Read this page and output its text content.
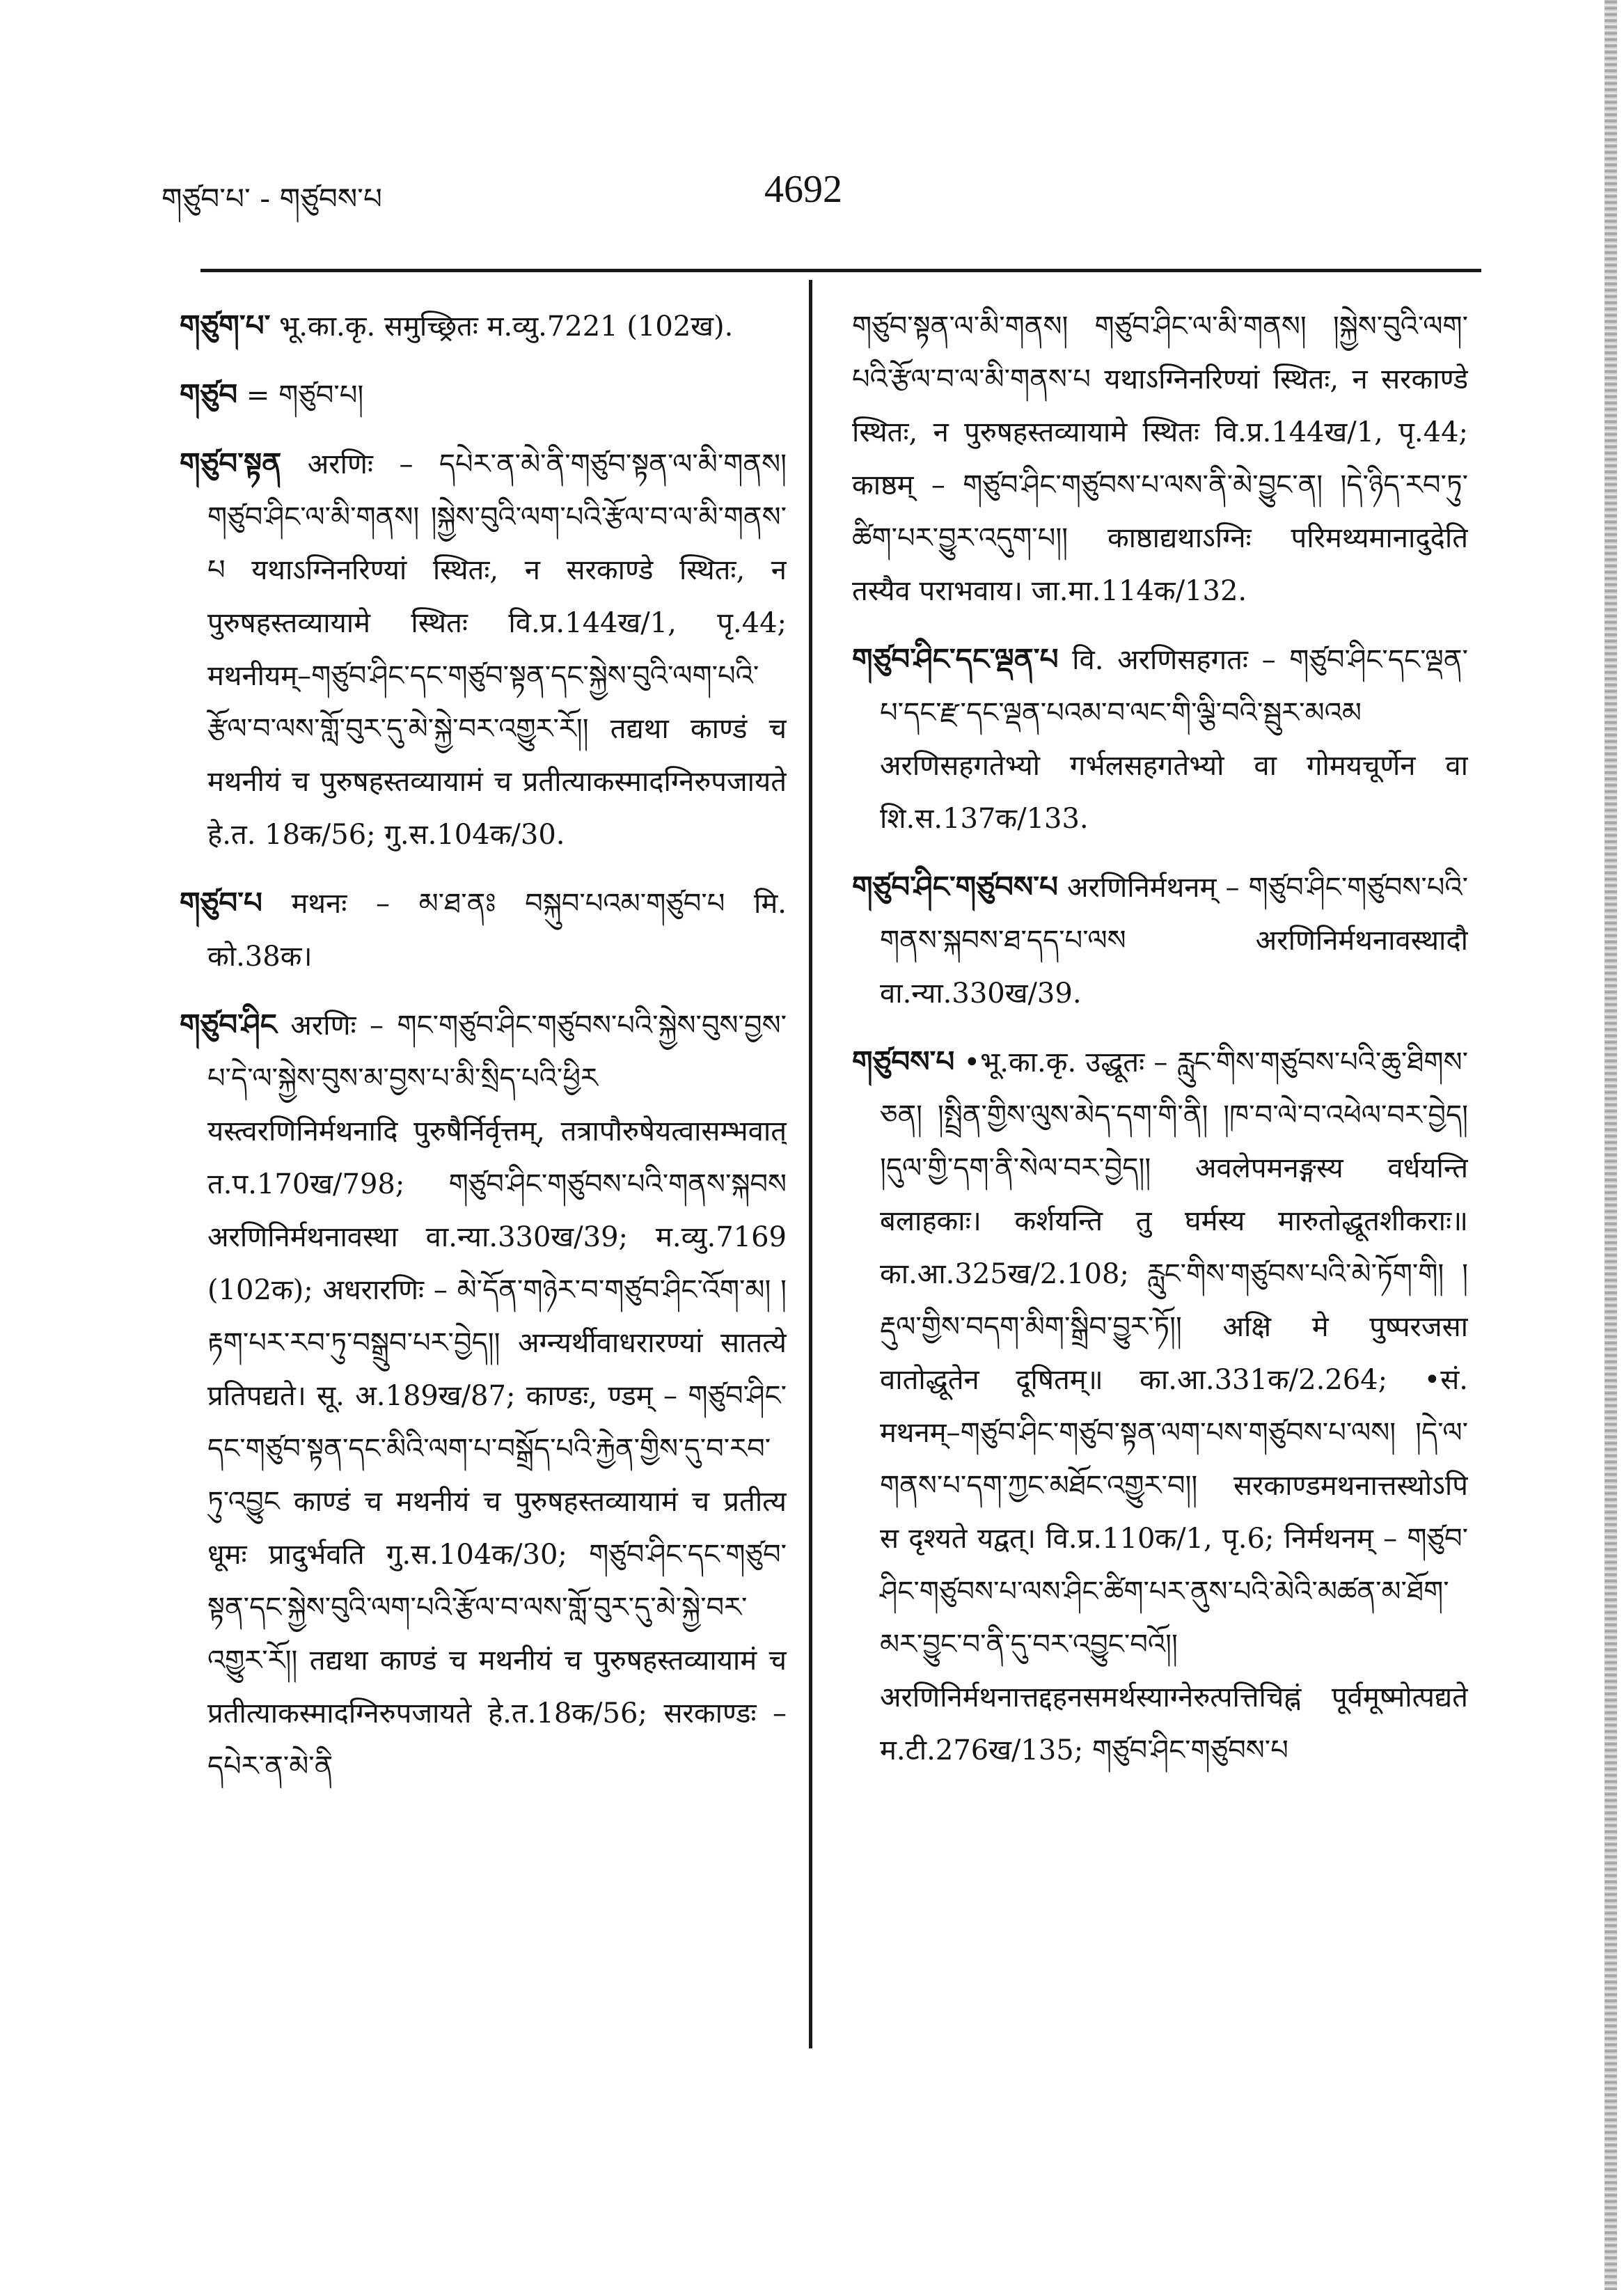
གཙུབ་པ་ - གཙུབས་པ	4692

གཙུག་པ་ भू.का.कृ. समुच्छ्रितः म.व्यु.7221 (102ख).

གཙུབ = གཙུབ་པ།

གཙུབ་སྟན अरणिः – དཔེར་ན་མེ་ནི་གཙུབ་སྟན་ལ་མི་གནས། གཙུབ་ཤིང་ལ་མི་གནས། །སྐྱེས་བུའི་ལག་པའི་རྩོལ་བ་ལ་མི་གནས་པ यथाऽग्निनरिण्यां स्थितः, न सरकाण्डे स्थितः, न पुरुषहस्तव्यायामे स्थितः वि.प्र.144ख/1, पृ.44; मथनीयम्–གཙུབ་ཤིང་དང་གཙུབ་སྟན་དང་སྐྱེས་བུའི་ལག་པའི་རྩོལ་བ་ལས་གློ་བུར་དུ་མེ་སྐྱེ་བར་འགྱུར་རོ།། तद्यथा काण्डं च मथनीयं च पुरुषहस्तव्यायामं च प्रतीत्याकस्मादग्निरुपजायते हे.त. 18क/56; गु.स.104क/30.

གཙུབ་པ मथनः – མ་ཐ་ནཿ བསྐུབ་པའམ་གཙུབ་པ मि. को.38क।

གཙུབ་ཤིང अरणिः – གང་གཙུབ་ཤིང་གཙུབས་པའི་སྐྱེས་བུས་བྱས་པ་དེ་ལ་སྐྱེས་བུས་མ་བྱས་པ་མི་སྲིད་པའི་ཕྱིར यस्त्वरणिनिर्मथनादि पुरुषैर्निर्वृत्तम्, तत्रापौरुषेयत्वासम्भवात् त.प.170ख/798; གཙུབ་ཤིང་གཙུབས་པའི་གནས་སྐབས अरणिनिर्मथनावस्था वा.न्या.330ख/39; म.व्यु.7169 (102क); अधरारणिः – མེ་དོན་གཉེར་བ་གཙུབ་ཤིང་འོག་མ། །རྟག་པར་རབ་ཏུ་བསྒྲུབ་པར་བྱེད།། अग्न्यर्थीवाधरारण्यां सातत्ये प्रतिपद्यते। सू. अ.189ख/87; काण्डः, ण्डम् – གཙུབ་ཤིང་དང་གཙུབ་སྟན་དང་མིའི་ལག་པ་བསྒྲོད་པའི་རྐྱེན་གྱིས་དུ་བ་རབ་ཏུ་འབྱུང काण्डं च मथनीयं च पुरुषहस्तव्यायामं च प्रतीत्य धूमः प्रादुर्भवति गु.स.104क/30; གཙུབ་ཤིང་དང་གཙུབ་སྟན་དང་སྐྱེས་བུའི་ལག་པའི་རྩོལ་བ་ལས་གློ་བུར་དུ་མེ་སྐྱེ་བར་འགྱུར་རོ།། तद्यथा काण्डं च मथनीयं च पुरुषहस्तव्यायामं च प्रतीत्याकस्मादग्निरुपजायते हे.त.18क/56; सरकाण्डः – དཔེར་ན་མེ་ནི

གཙུབ་སྟན་ལ་མི་གནས། གཙུབ་ཤིང་ལ་མི་གནས། །སྐྱེས་བུའི་ལག་པའི་རྩོལ་བ་ལ་མི་གནས་པ यथाऽग्निनरिण्यां स्थितः, न सरकाण्डे स्थितः, न पुरुषहस्तव्यायामे स्थितः वि.प्र.144ख/1, पृ.44; काष्ठम् – གཙུབ་ཤིང་གཙུབས་པ་ལས་ནི་མེ་བྱུང་ན། །དེ་ཉིད་རབ་ཏུ་ཚིག་པར་བྱུར་འདུག་པ།། काष्ठाद्यथाऽग्निः परिमथ्यमानादुदेति तस्यैव पराभवाय। जा.मा.114क/132.

གཙུབ་ཤིང་དང་ལྡན་པ वि. अरणिसहगतः – གཙུབ་ཤིང་དང་ལྡན་པ་དང་རྫ་དང་ལྡན་པའམ་བ་ལང་གི་ལྕི་བའི་སྦུར་མའམ अरणिसहगतेभ्यो गर्भलसहगतेभ्यो वा गोमयचूर्णेन वा शि.स.137क/133.

གཙུབ་ཤིང་གཙུབས་པ अरणिनिर्मथनम् – གཙུབ་ཤིང་གཙུབས་པའི་གནས་སྐབས་ཐ་དད་པ་ལས अरणिनिर्मथनावस्थादौ वा.न्या.330ख/39.

གཙུབས་པ •भू.का.कृ. उद्धूतः – རླུང་གིས་གཙུབས་པའི་ཆུ་ཐིགས་ཅན། །སྤྲིན་གྱིས་ལུས་མེད་དག་གི་ནི། །ཁ་བ་ལེ་བ་འཕེལ་བར་བྱེད། །དུལ་གྱི་དག་ནི་སེལ་བར་བྱེད།། अवलेपमनङ्गस्य वर्धयन्ति बलाहकाः। कर्शयन्ति तु घर्मस्य मारुतोद्धूतशीकराः॥ का.आ.325ख/2.108; རླུང་གིས་གཙུབས་པའི་མེ་ཏོག་གི། །རྡུལ་གྱིས་བདག་མིག་སྒྲིབ་བྱུར་ཏོ།། अक्षि मे पुष्परजसा वातोद्धूतेन दूषितम्॥ का.आ.331क/2.264; •सं. मथनम्–གཙུབ་ཤིང་གཙུབ་སྟན་ལག་པས་གཙུབས་པ་ལས། །དེ་ལ་གནས་པ་དག་ཀྱང་མཐོང་འགྱུར་བ།། सरकाण्डमथनात्तस्थोऽपि स दृश्यते यद्वत्। वि.प्र.110क/1, पृ.6; निर्मथनम् – གཙུབ་ཤིང་གཙུབས་པ་ལས་ཤིང་ཚིག་པར་ནུས་པའི་མེའི་མཚན་མ་ཐོག་མར་བྱུང་བ་ནི་དུ་བར་འབྱུང་བའོ།། अरणिनिर्मथनात्तद्दहनसमर्थस्याग्नेरुत्पत्तिचिह्नं पूर्वमूष्मोत्पद्यते म.टी.276ख/135; གཙུབ་ཤིང་གཙུབས་པ
